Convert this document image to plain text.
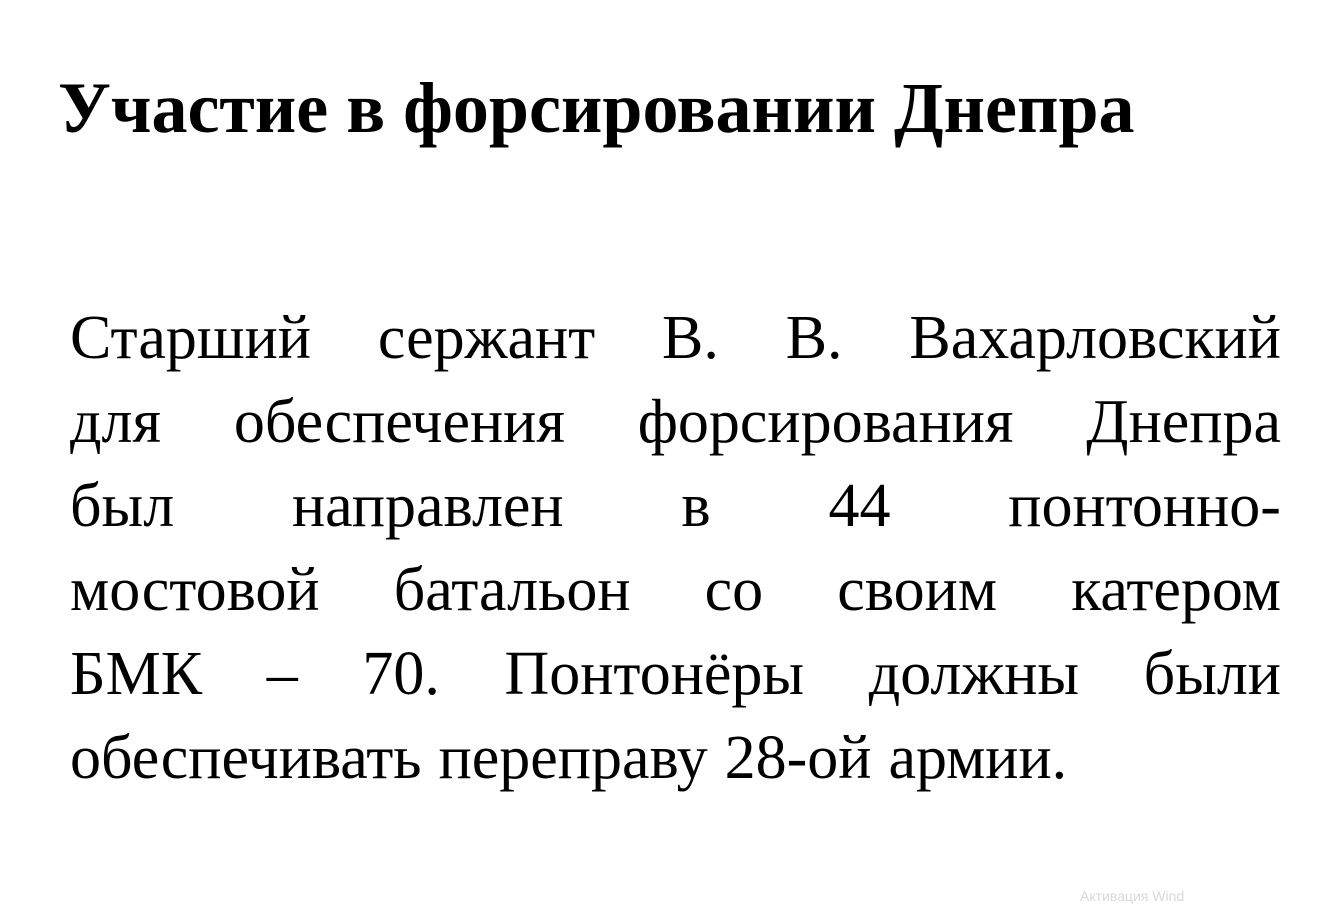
Участие в форсировании Днепра
Старший сержант В. В. Вахарловский
для обеспечения форсирования Днепра
был направлен в 44 понтонно-
мостовой батальон со своим катером
БМК – 70. Понтонёры должны были
обеспечивать переправу 28-ой армии.
Активация Wind
